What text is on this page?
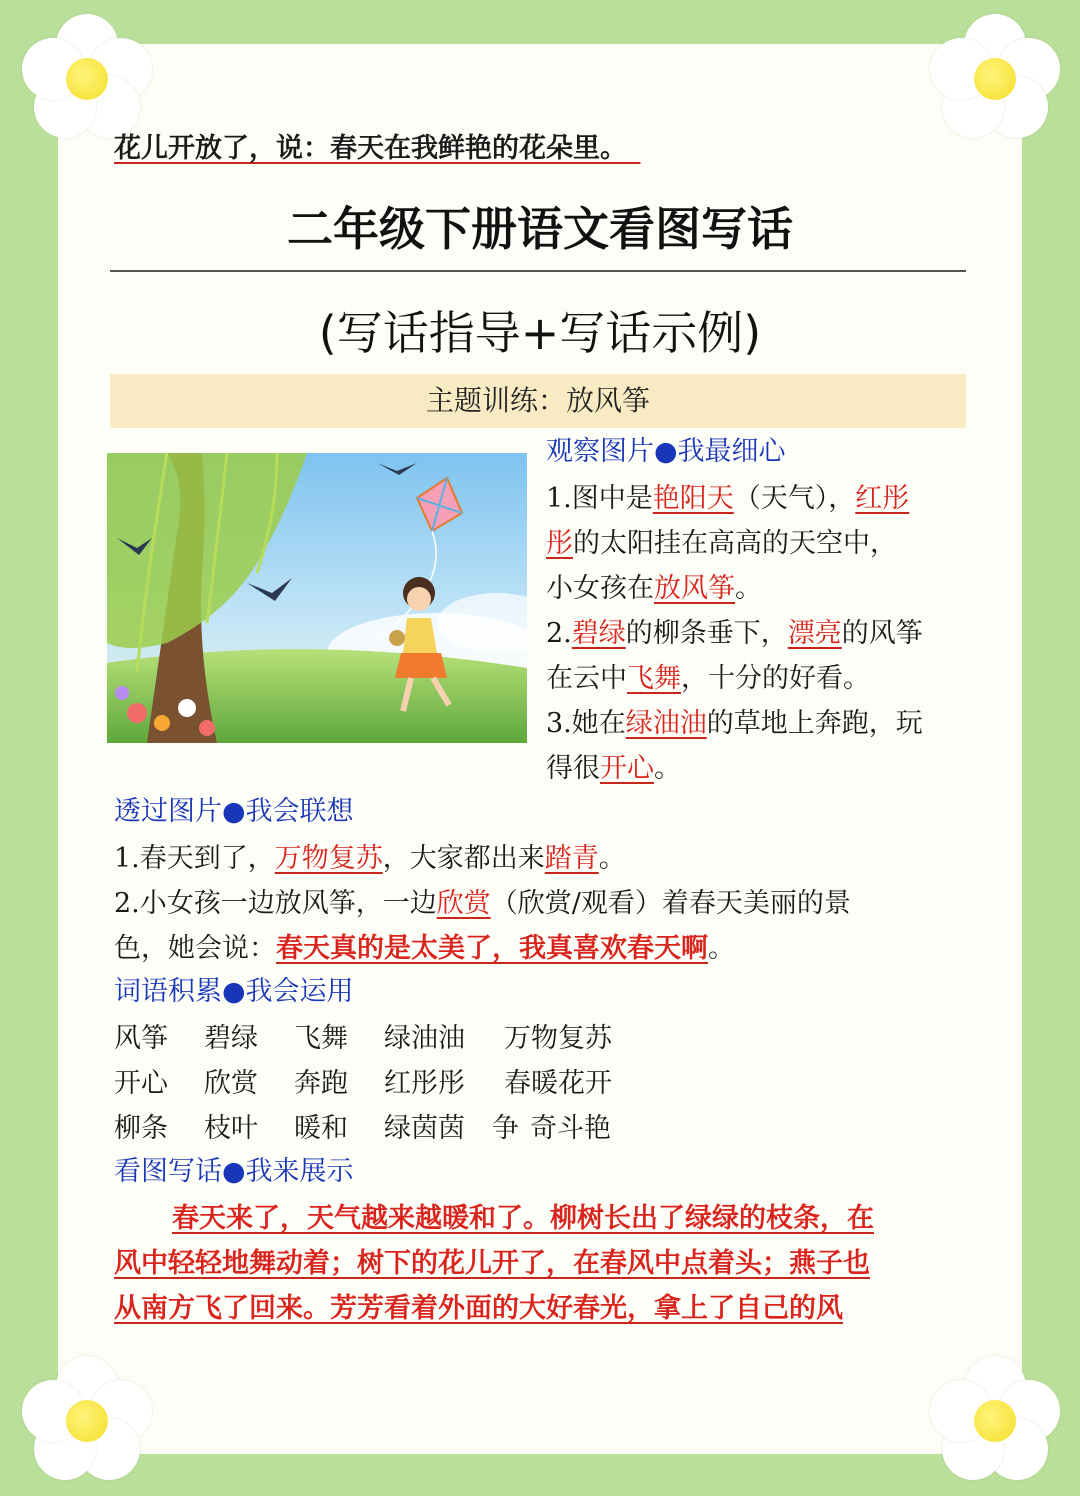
花儿开放了，说：春天在我鲜艳的花朵里。　
二年级下册语文看图写话
(写话指导+写话示例)
主题训练：放风筝
观察图片●我最细心
1.图中是艳阳天（天气），红彤
彤的太阳挂在高高的天空中，
小女孩在放风筝。
2.碧绿的柳条垂下，漂亮的风筝
在云中飞舞，十分的好看。
3.她在绿油油的草地上奔跑，玩
得很开心。
透过图片●我会联想
1.春天到了，万物复苏，大家都出来踏青。
2.小女孩一边放风筝，一边欣赏（欣赏/观看）着春天美丽的景
色，她会说：春天真的是太美了，我真喜欢春天啊。
词语积累●我会运用
风筝 碧绿 飞舞 绿油油 万物复苏
开心 欣赏 奔跑 红彤彤 春暖花开
柳条 枝叶 暖和 绿茵茵 争 奇斗艳
看图写话●我来展示
春天来了，天气越来越暖和了。柳树长出了绿绿的枝条，在
风中轻轻地舞动着；树下的花儿开了，在春风中点着头；燕子也
从南方飞了回来。芳芳看着外面的大好春光，拿上了自己的风
